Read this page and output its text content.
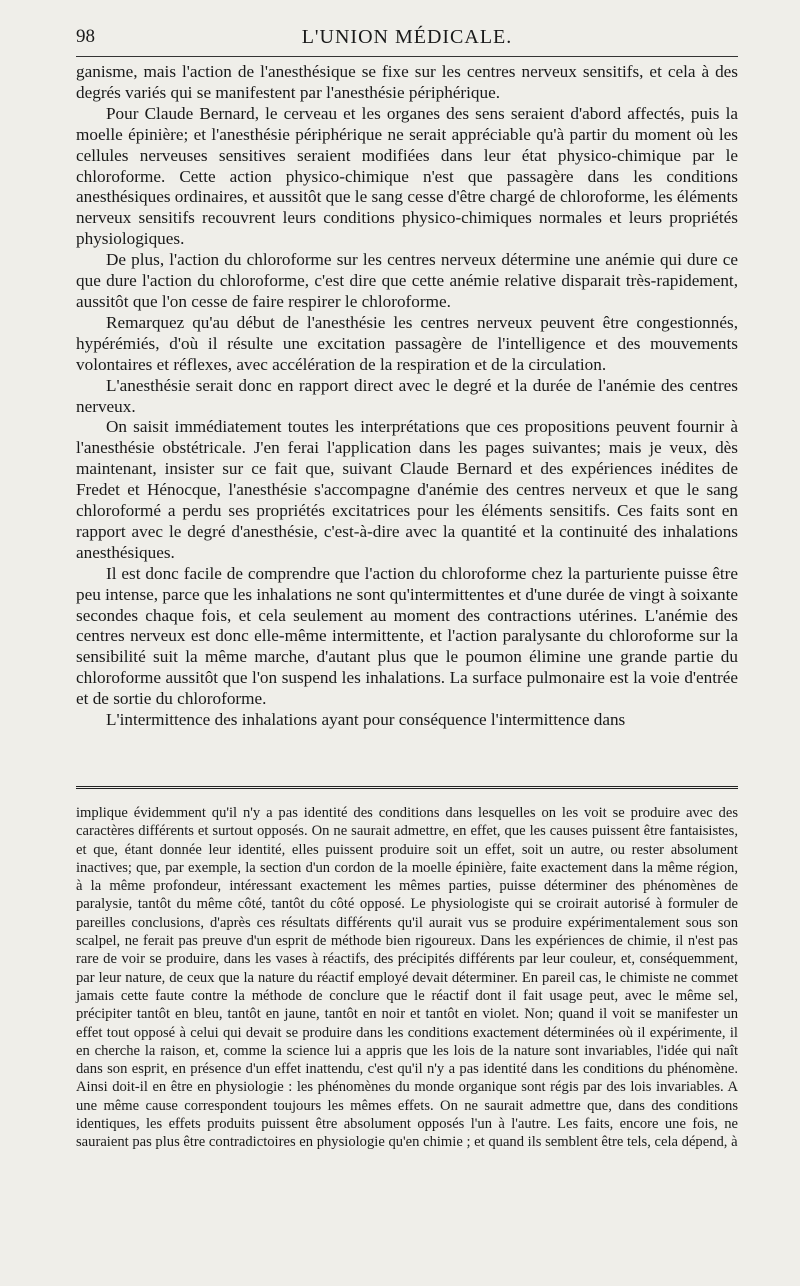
98	L'UNION MÉDICALE.

ganisme, mais l'action de l'anesthésique se fixe sur les centres nerveux sensitifs, et cela à des degrés variés qui se manifestent par l'anesthésie périphérique.

Pour Claude Bernard, le cerveau et les organes des sens seraient d'abord affectés, puis la moelle épinière; et l'anesthésie périphérique ne serait appréciable qu'à partir du moment où les cellules nerveuses sensitives seraient modifiées dans leur état physico-chimique par le chloroforme. Cette action physico-chimique n'est que passagère dans les conditions anesthésiques ordinaires, et aussitôt que le sang cesse d'être chargé de chloroforme, les éléments nerveux sensitifs recouvrent leurs conditions physico-chimiques normales et leurs propriétés physiologiques.

De plus, l'action du chloroforme sur les centres nerveux détermine une anémie qui dure ce que dure l'action du chloroforme, c'est dire que cette anémie relative disparait très-rapidement, aussitôt que l'on cesse de faire respirer le chloroforme.

Remarquez qu'au début de l'anesthésie les centres nerveux peuvent être congestionnés, hypérémiés, d'où il résulte une excitation passagère de l'intelligence et des mouvements volontaires et réflexes, avec accélération de la respiration et de la circulation.

L'anesthésie serait donc en rapport direct avec le degré et la durée de l'anémie des centres nerveux.

On saisit immédiatement toutes les interprétations que ces propositions peuvent fournir à l'anesthésie obstétricale. J'en ferai l'application dans les pages suivantes; mais je veux, dès maintenant, insister sur ce fait que, suivant Claude Bernard et des expériences inédites de Fredet et Hénocque, l'anesthésie s'accompagne d'anémie des centres nerveux et que le sang chloroformé a perdu ses propriétés excitatrices pour les éléments sensitifs. Ces faits sont en rapport avec le degré d'anesthésie, c'est-à-dire avec la quantité et la continuité des inhalations anesthésiques.

Il est donc facile de comprendre que l'action du chloroforme chez la parturiente puisse être peu intense, parce que les inhalations ne sont qu'intermittentes et d'une durée de vingt à soixante secondes chaque fois, et cela seulement au moment des contractions utérines. L'anémie des centres nerveux est donc elle-même intermittente, et l'action paralysante du chloroforme sur la sensibilité suit la même marche, d'autant plus que le poumon élimine une grande partie du chloroforme aussitôt que l'on suspend les inhalations. La surface pulmonaire est la voie d'entrée et de sortie du chloroforme.

L'intermittence des inhalations ayant pour conséquence l'intermittence dans

implique évidemment qu'il n'y a pas identité des conditions dans lesquelles on les voit se produire avec des caractères différents et surtout opposés. On ne saurait admettre, en effet, que les causes puissent être fantaisistes, et que, étant donnée leur identité, elles puissent produire soit un effet, soit un autre, ou rester absolument inactives; que, par exemple, la section d'un cordon de la moelle épinière, faite exactement dans la même région, à la même profondeur, intéressant exactement les mêmes parties, puisse déterminer des phénomènes de paralysie, tantôt du même côté, tantôt du côté opposé. Le physiologiste qui se croirait autorisé à formuler de pareilles conclusions, d'après ces résultats différents qu'il aurait vus se produire expérimentalement sous son scalpel, ne ferait pas preuve d'un esprit de méthode bien rigoureux. Dans les expériences de chimie, il n'est pas rare de voir se produire, dans les vases à réactifs, des précipités différents par leur couleur, et, conséquemment, par leur nature, de ceux que la nature du réactif employé devait déterminer. En pareil cas, le chimiste ne commet jamais cette faute contre la méthode de conclure que le réactif dont il fait usage peut, avec le même sel, précipiter tantôt en bleu, tantôt en jaune, tantôt en noir et tantôt en violet. Non; quand il voit se manifester un effet tout opposé à celui qui devait se produire dans les conditions exactement déterminées où il expérimente, il en cherche la raison, et, comme la science lui a appris que les lois de la nature sont invariables, l'idée qui naît dans son esprit, en présence d'un effet inattendu, c'est qu'il n'y a pas identité dans les conditions du phénomène. Ainsi doit-il en être en physiologie : les phénomènes du monde organique sont régis par des lois invariables. A une même cause correspondent toujours les mêmes effets. On ne saurait admettre que, dans des conditions identiques, les effets produits puissent être absolument opposés l'un à l'autre. Les faits, encore une fois, ne sauraient pas plus être contradictoires en physiologie qu'en chimie ; et quand ils semblent être tels, cela dépend, à
